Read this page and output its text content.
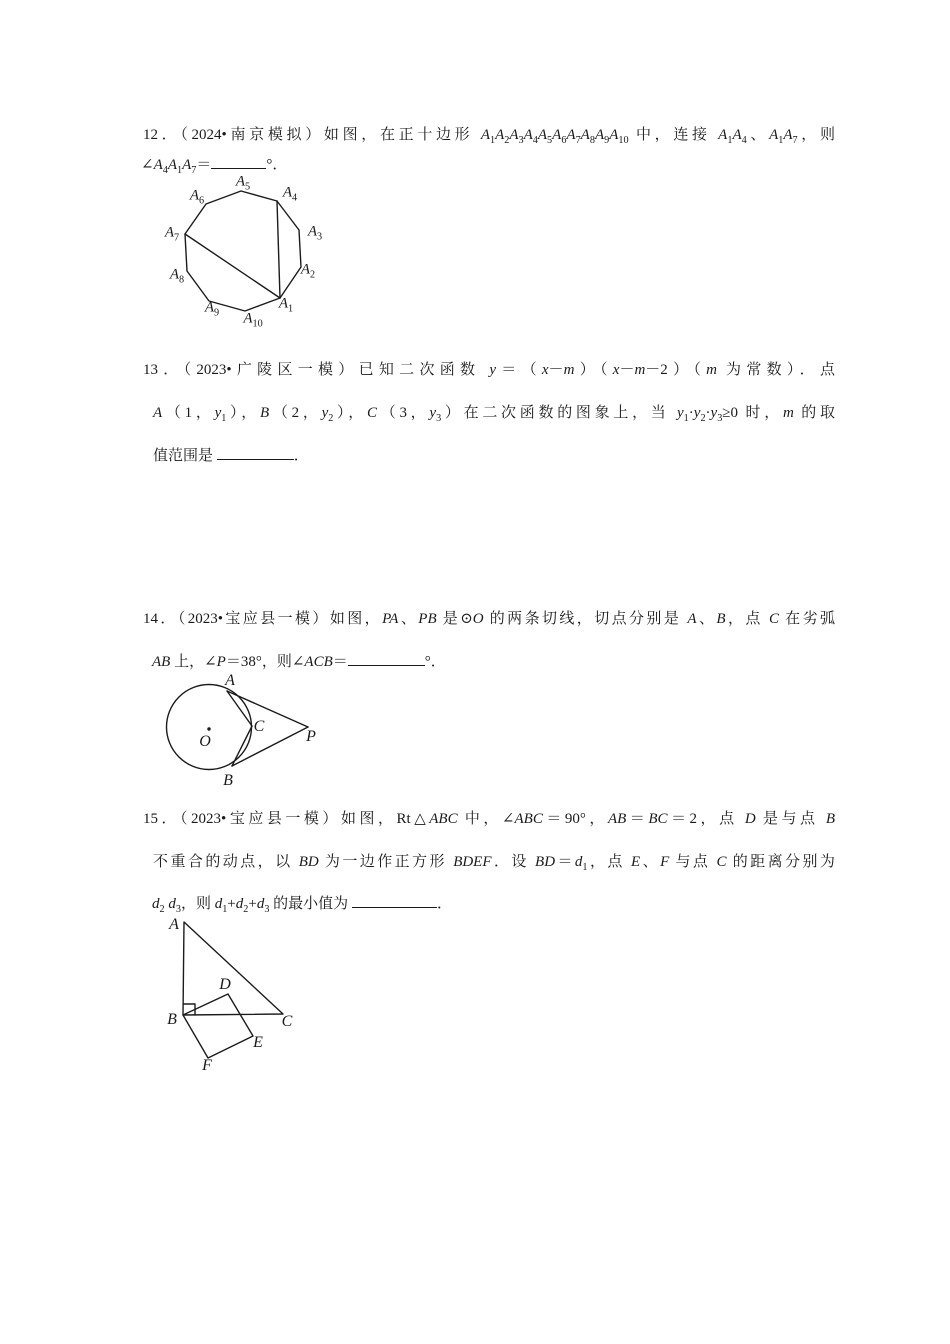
12．（2024•南京模拟）如图，在正十边形 $A_1A_2A_3A_4A_5A_6A_7A_8A_9A_{10}$ 中，连接 $A_1A_4$、$A_1A_7$，则
$\angle A_4A_1A_7=$	°．
$A_1$
$A_2$
$A_3$
$A_4$
$A_5$
$A_6$
$A_7$
$A_8$
$A_9$ $A_{10}$
13．（2023•广陵区一模）已知二次函数 y＝（x－m）（x－m－2）（m 为常数）．点
A（1，$y_1$），B（2，$y_2$），C（3，$y_3$）在二次函数的图象上，当 $y_1\cdot y_2\cdot y_3\ge 0$ 时，m 的取
值范围是	．
14．（2023•宝应县一模）如图，PA、PB 是⊙O 的两条切线，切点分别是 A、B，点 C 在劣弧
AB 上，∠P＝38°，则∠ACB＝	°．
A
O
C
B
P
15．（2023•宝应县一模）如图，Rt△ABC 中，∠ABC＝90°，AB＝BC＝2，点 D 是与点 B
不重合的动点，以 BD 为一边作正方形 BDEF．设 $BD=d_1$，点 E、F 与点 C 的距离分别为
$d_2$ $d_3$，则 $d_1+d_2+d_3$ 的最小值为	．
A
B	C
D
E
F
